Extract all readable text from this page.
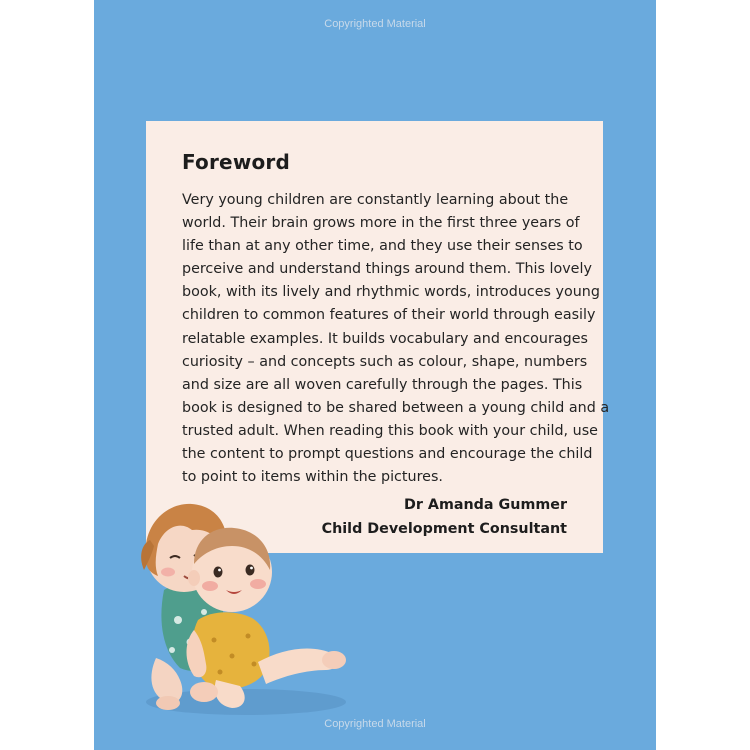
Copyrighted Material
Foreword
Very young children are constantly learning about the
world. Their brain grows more in the first three years of
life than at any other time, and they use their senses to
perceive and understand things around them. This lovely
book, with its lively and rhythmic words, introduces young
children to common features of their world through easily
relatable examples. It builds vocabulary and encourages
curiosity – and concepts such as colour, shape, numbers
and size are all woven carefully through the pages. This
book is designed to be shared between a young child and a
trusted adult. When reading this book with your child, use
the content to prompt questions and encourage the child
to point to items within the pictures.
Dr Amanda Gummer
Child Development Consultant
Copyrighted Material
